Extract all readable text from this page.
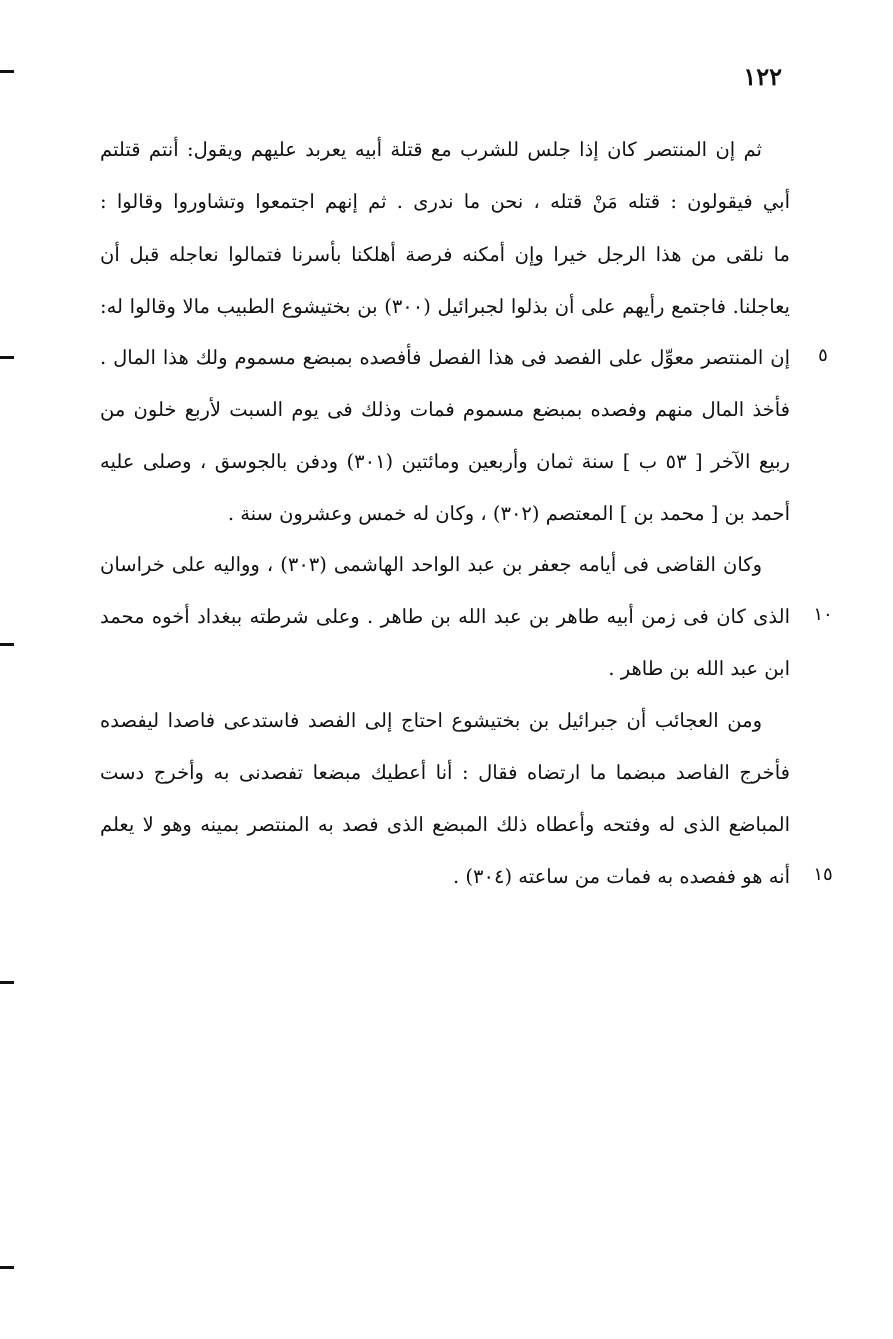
١٢٢
ثم إن المنتصر كان إذا جلس للشرب مع قتلة أبيه يعربد عليهم ويقول: أنتم قتلتم
أبي فيقولون : قتله مَنْ قتله ، نحن ما ندرى . ثم إنهم اجتمعوا وتشاوروا وقالوا :
ما نلقى من هذا الرجل خيرا وإن أمكنه فرصة أهلكنا بأسرنا فتمالوا نعاجله قبل أن
يعاجلنا. فاجتمع رأيهم على أن بذلوا لجبرائيل (٣٠٠) بن بختيشوع الطبيب مالا وقالوا له:
إن المنتصر معوِّل على الفصد فى هذا الفصل فأفصده بمبضع مسموم ولك هذا المال .
فأخذ المال منهم وفصده بمبضع مسموم فمات وذلك فى يوم السبت لأربع خلون من
ربيع الآخر [ ٥٣ ب ] سنة ثمان وأربعين ومائتين (٣٠١) ودفن بالجوسق ، وصلى عليه
أحمد بن [ محمد بن ] المعتصم (٣٠٢) ، وكان له خمس وعشرون سنة .
وكان القاضى فى أيامه جعفر بن عبد الواحد الهاشمى (٣٠٣) ، وواليه على خراسان
الذى كان فى زمن أبيه طاهر بن عبد الله بن طاهر . وعلى شرطته ببغداد أخوه محمد
ابن عبد الله بن طاهر .
ومن العجائب أن جبرائيل بن بختيشوع احتاج إلى الفصد فاستدعى فاصدا ليفصده
فأخرج الفاصد مبضما ما ارتضاه فقال : أنا أعطيك مبضعا تفصدنى به وأخرج دست
المباضع الذى له وفتحه وأعطاه ذلك المبضع الذى فصد به المنتصر بمينه وهو لا يعلم
أنه هو ففصده به فمات من ساعته (٣٠٤) .
٥
١٠
١٥
